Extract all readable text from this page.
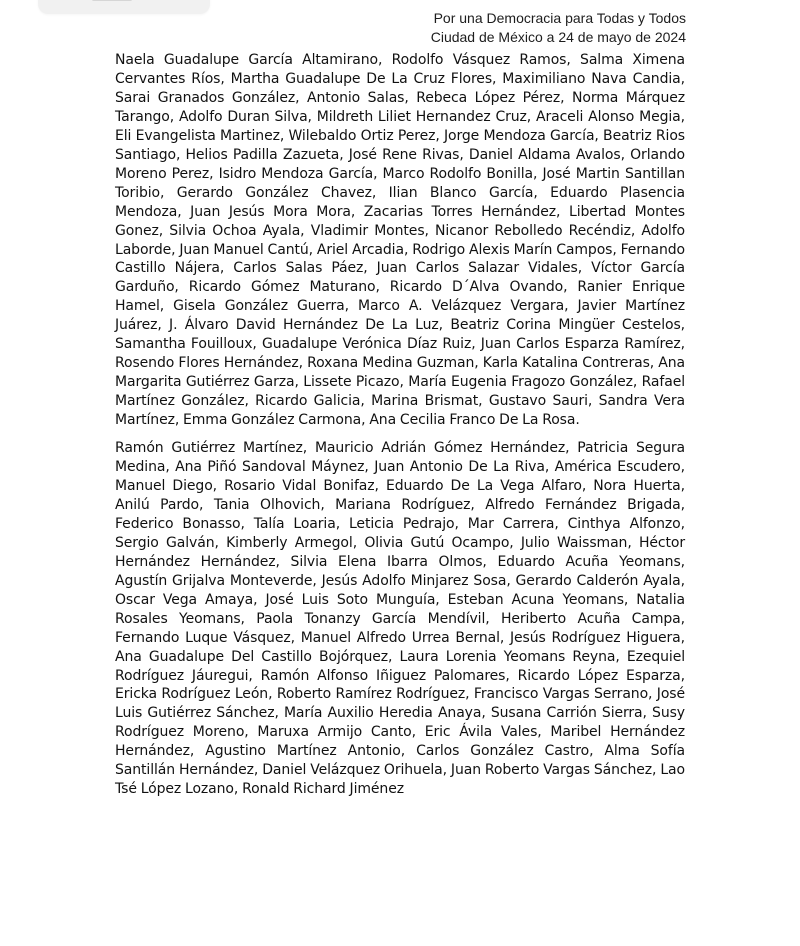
Por una Democracia para Todas y Todos
Ciudad de México a 24 de mayo de 2024

Naela Guadalupe García Altamirano, Rodolfo Vásquez Ramos, Salma Ximena Cervantes Ríos, Martha Guadalupe De La Cruz Flores, Maximiliano Nava Candia, Sarai Granados González, Antonio Salas, Rebeca López Pérez, Norma Márquez Tarango, Adolfo Duran Silva, Mildreth Liliet Hernandez Cruz, Araceli Alonso Megia, Eli Evangelista Martinez, Wilebaldo Ortiz Perez, Jorge Mendoza García, Beatriz Rios Santiago, Helios Padilla Zazueta, José Rene Rivas, Daniel Aldama Avalos, Orlando Moreno Perez, Isidro Mendoza García, Marco Rodolfo Bonilla, José Martin Santillan Toribio, Gerardo González Chavez, Ilian Blanco García, Eduardo Plasencia Mendoza, Juan Jesús Mora Mora, Zacarias Torres Hernández, Libertad Montes Gonez, Silvia Ochoa Ayala, Vladimir Montes, Nicanor Rebolledo Recéndiz, Adolfo Laborde, Juan Manuel Cantú, Ariel Arcadia, Rodrigo Alexis Marín Campos, Fernando Castillo Nájera, Carlos Salas Páez, Juan Carlos Salazar Vidales, Víctor García Garduño, Ricardo Gómez Maturano, Ricardo D´Alva Ovando, Ranier Enrique Hamel, Gisela González Guerra, Marco A. Velázquez Vergara, Javier Martínez Juárez, J. Álvaro David Hernández De La Luz, Beatriz Corina Mingüer Cestelos, Samantha Fouilloux, Guadalupe Verónica Díaz Ruiz, Juan Carlos Esparza Ramírez, Rosendo Flores Hernández, Roxana Medina Guzman, Karla Katalina Contreras, Ana Margarita Gutiérrez Garza, Lissete Picazo, María Eugenia Fragozo González, Rafael Martínez González, Ricardo Galicia, Marina Brismat, Gustavo Sauri, Sandra Vera Martínez, Emma González Carmona, Ana Cecilia Franco De La Rosa.

Ramón Gutiérrez Martínez, Mauricio Adrián Gómez Hernández, Patricia Segura Medina, Ana Piñó Sandoval Máynez, Juan Antonio De La Riva, América Escudero, Manuel Diego, Rosario Vidal Bonifaz, Eduardo De La Vega Alfaro, Nora Huerta, Anilú Pardo, Tania Olhovich, Mariana Rodríguez, Alfredo Fernández Brigada, Federico Bonasso, Talía Loaria, Leticia Pedrajo, Mar Carrera, Cinthya Alfonzo, Sergio Galván, Kimberly Armegol, Olivia Gutú Ocampo, Julio Waissman, Héctor Hernández Hernández, Silvia Elena Ibarra Olmos, Eduardo Acuña Yeomans, Agustín Grijalva Monteverde, Jesús Adolfo Minjarez Sosa, Gerardo Calderón Ayala, Oscar Vega Amaya, José Luis Soto Munguía, Esteban Acuna Yeomans, Natalia Rosales Yeomans, Paola Tonanzy García Mendívil, Heriberto Acuña Campa, Fernando Luque Vásquez, Manuel Alfredo Urrea Bernal, Jesús Rodríguez Higuera, Ana Guadalupe Del Castillo Bojórquez, Laura Lorenia Yeomans Reyna, Ezequiel Rodríguez Jáuregui, Ramón Alfonso Iñiguez Palomares, Ricardo López Esparza, Ericka Rodríguez León, Roberto Ramírez Rodríguez, Francisco Vargas Serrano, José Luis Gutiérrez Sánchez, María Auxilio Heredia Anaya, Susana Carrión Sierra, Susy Rodríguez Moreno, Maruxa Armijo Canto, Eric Ávila Vales, Maribel Hernández Hernández, Agustino Martínez Antonio, Carlos González Castro, Alma Sofía Santillán Hernández, Daniel Velázquez Orihuela, Juan Roberto Vargas Sánchez, Lao Tsé López Lozano, Ronald Richard Jiménez
